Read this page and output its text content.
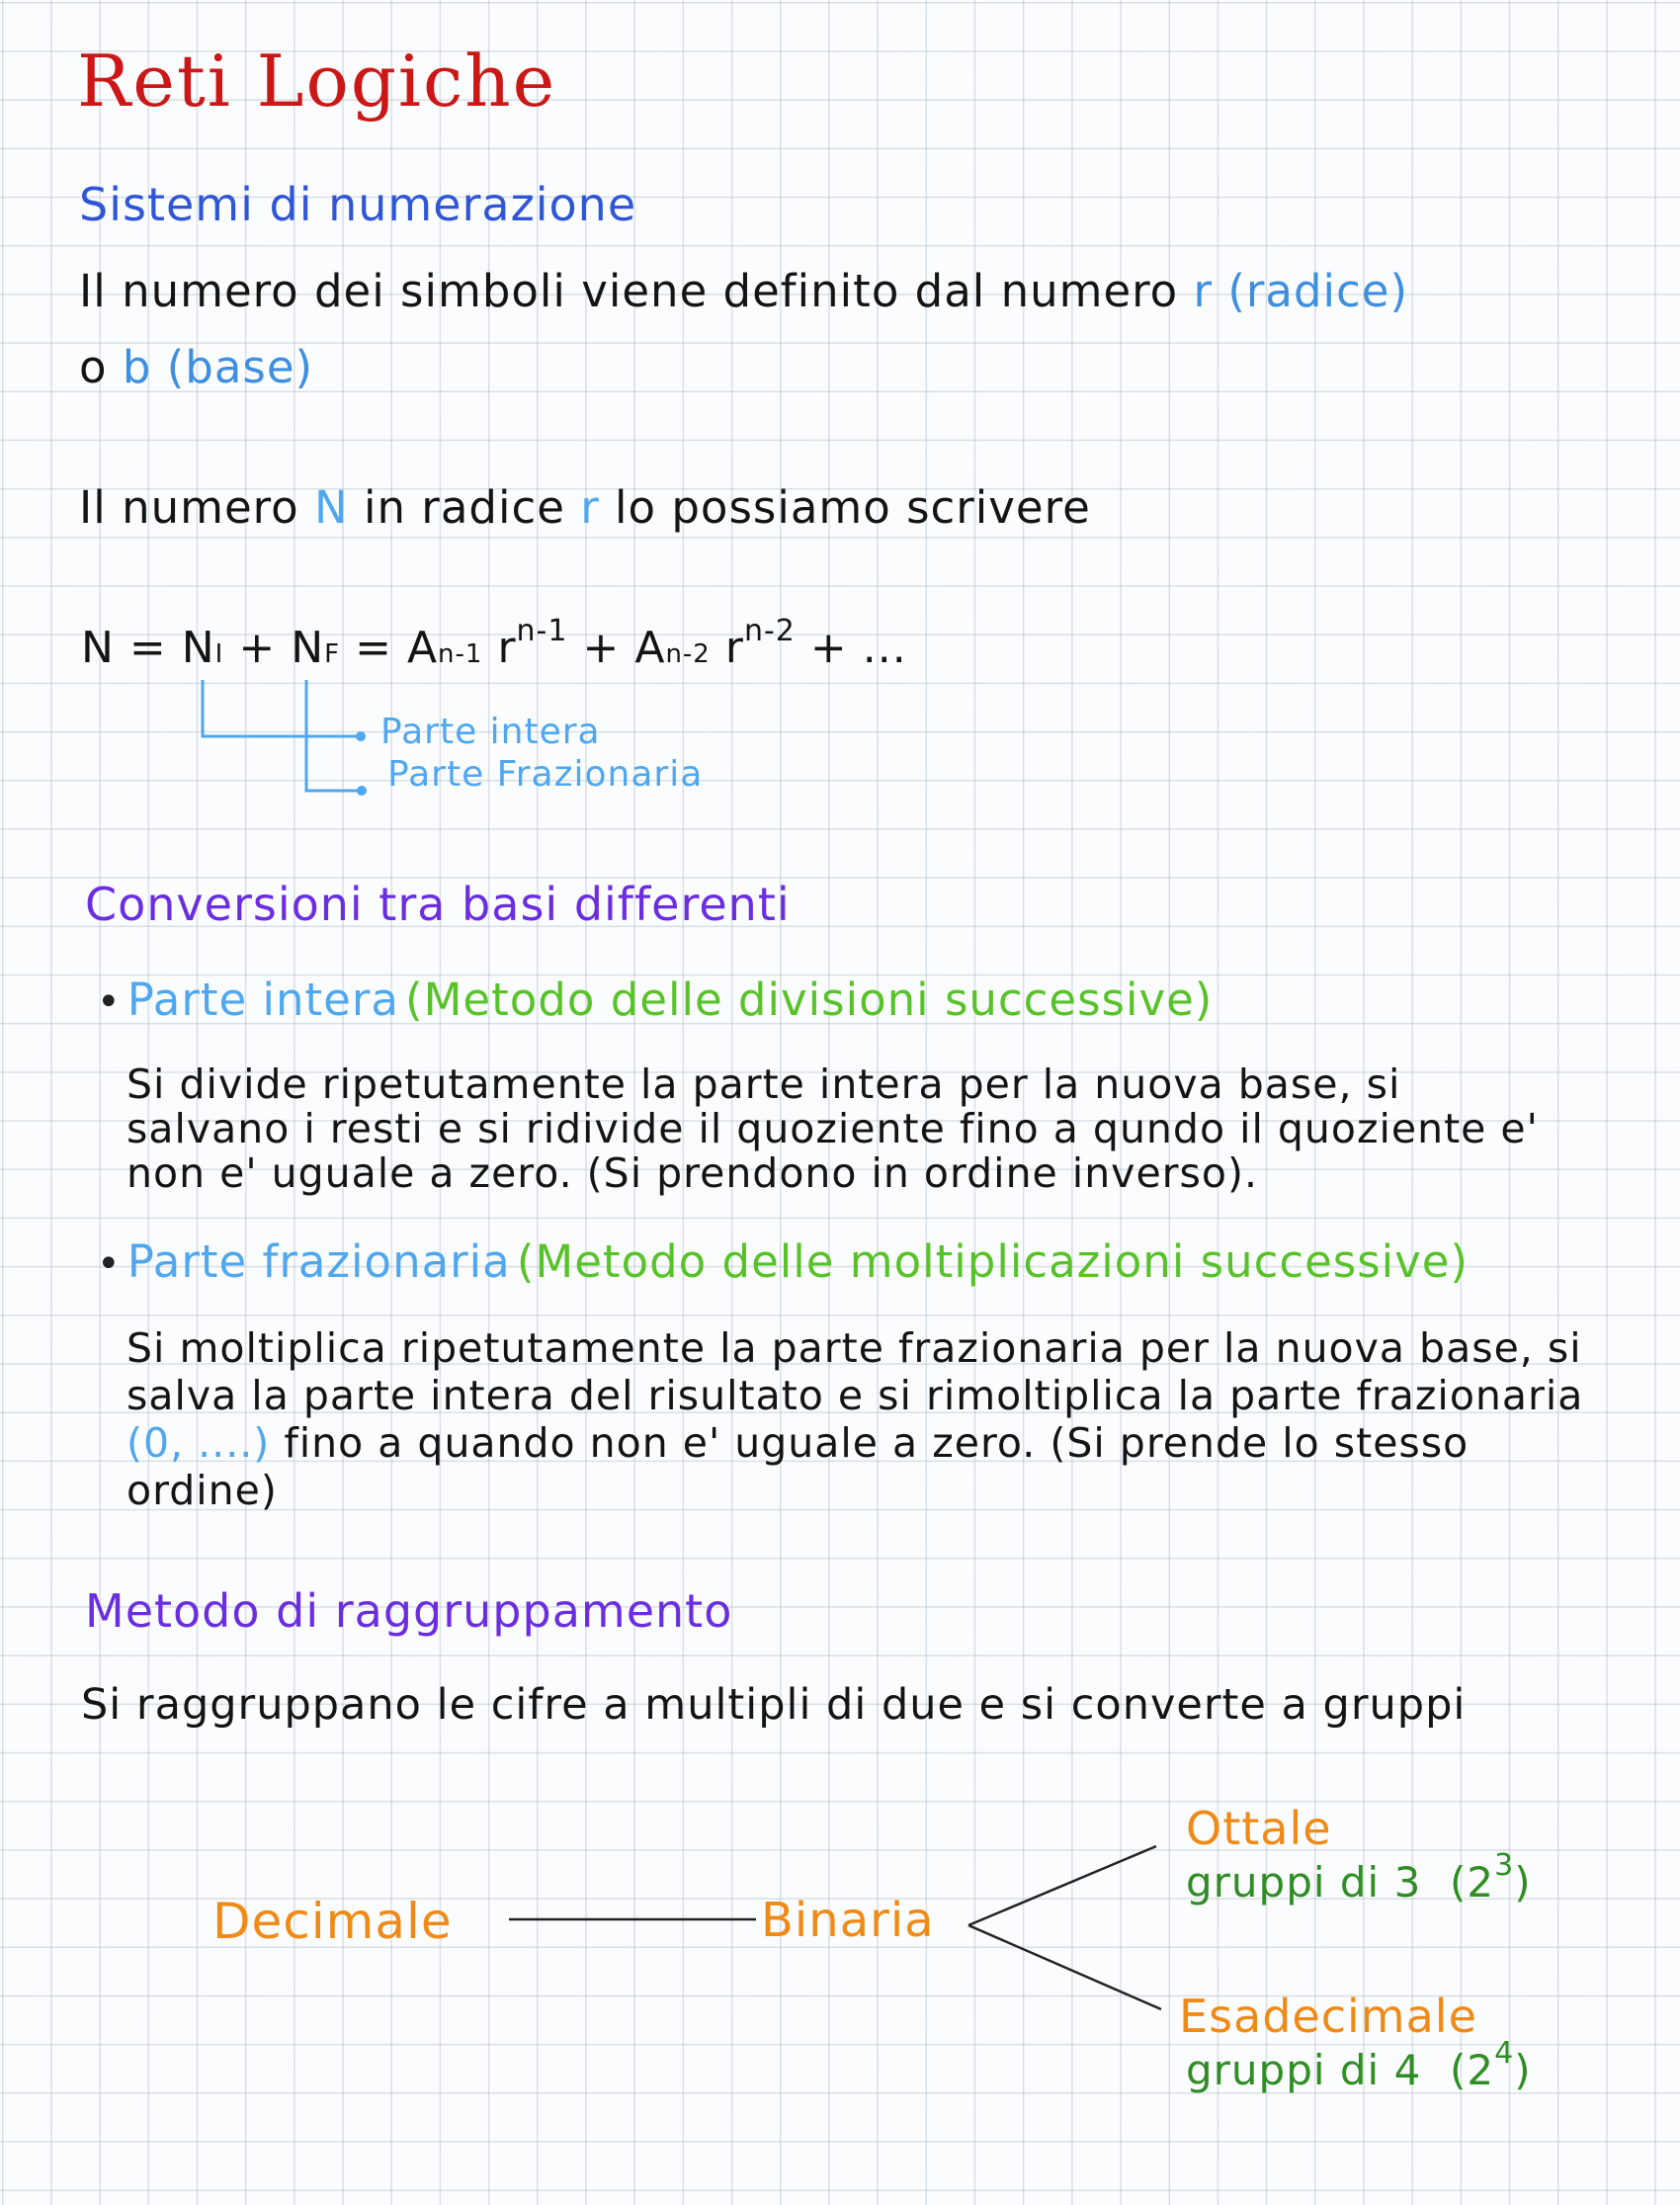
Reti Logiche
Sistemi di numerazione
Il numero dei simboli viene definito dal numero r (radice)
o b (base)
Il numero N in radice r lo possiamo scrivere
N = NI + NF = An-1 $r^{n-1} + An-2$ $r^{n-2}$ + ...
Parte intera
Parte Frazionaria
Conversioni tra basi differenti
• Parte intera (Metodo delle divisioni successive)
Si divide ripetutamente la parte intera per la nuova base, si
salvano i resti e si ridivide il quoziente fino a qundo il quoziente e'
non e' uguale a zero. (Si prendono in ordine inverso).
• Parte frazionaria (Metodo delle moltiplicazioni successive)
Si moltiplica ripetutamente la parte frazionaria per la nuova base, si
salva la parte intera del risultato e si rimoltiplica la parte frazionaria
(0, ....) fino a quando non e' uguale a zero. (Si prende lo stesso
ordine)
Metodo di raggruppamento
Si raggruppano le cifre a multipli di due e si converte a gruppi
Decimale	Binaria
Ottale
gruppi di 3 $(2^3)$
Esadecimale
gruppi di 4 $(2^4)$
